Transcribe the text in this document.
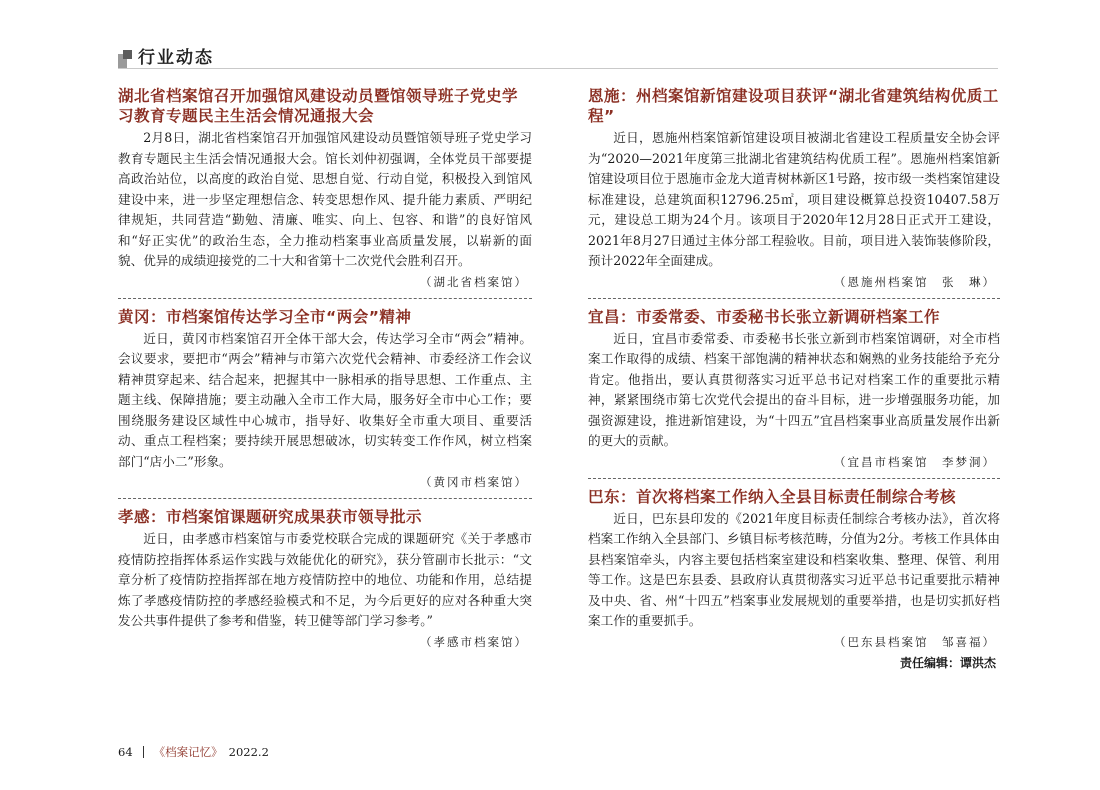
行业动态
湖北省档案馆召开加强馆风建设动员暨馆领导班子党史学习教育专题民主生活会情况通报大会

2月8日，湖北省档案馆召开加强馆风建设动员暨馆领导班子党史学习教育专题民主生活会情况通报大会。馆长刘仲初强调，全体党员干部要提高政治站位，以高度的政治自觉、思想自觉、行动自觉，积极投入到馆风建设中来，进一步坚定理想信念、转变思想作风、提升能力素质、严明纪律规矩，共同营造“勤勉、清廉、唯实、向上、包容、和谐”的良好馆风和“好正实优”的政治生态，全力推动档案事业高质量发展，以崭新的面貌、优异的成绩迎接党的二十大和省第十二次党代会胜利召开。

（湖北省档案馆）

黄冈：市档案馆传达学习全市“两会”精神

近日，黄冈市档案馆召开全体干部大会，传达学习全市“两会”精神。会议要求，要把市“两会”精神与市第六次党代会精神、市委经济工作会议精神贯穿起来、结合起来，把握其中一脉相承的指导思想、工作重点、主题主线、保障措施；要主动融入全市工作大局，服务好全市中心工作；要围绕服务建设区域性中心城市，指导好、收集好全市重大项目、重要活动、重点工程档案；要持续开展思想破冰，切实转变工作作风，树立档案部门“店小二”形象。

（黄冈市档案馆）

孝感：市档案馆课题研究成果获市领导批示

近日，由孝感市档案馆与市委党校联合完成的课题研究《关于孝感市疫情防控指挥体系运作实践与效能优化的研究》，获分管副市长批示：“文章分析了疫情防控指挥部在地方疫情防控中的地位、功能和作用，总结提炼了孝感疫情防控的孝感经验模式和不足，为今后更好的应对各种重大突发公共事件提供了参考和借鉴，转卫健等部门学习参考。”

（孝感市档案馆）

恩施：州档案馆新馆建设项目获评“湖北省建筑结构优质工程”

近日，恩施州档案馆新馆建设项目被湖北省建设工程质量安全协会评为“2020—2021年度第三批湖北省建筑结构优质工程”。恩施州档案馆新馆建设项目位于恩施市金龙大道青树林新区1号路，按市级一类档案馆建设标准建设，总建筑面积12796.25㎡，项目建设概算总投资10407.58万元，建设总工期为24个月。该项目于2020年12月28日正式开工建设，2021年8月27日通过主体分部工程验收。目前，项目进入装饰装修阶段，预计2022年全面建成。

（恩施州档案馆　张　琳）

宜昌：市委常委、市委秘书长张立新调研档案工作

近日，宜昌市委常委、市委秘书长张立新到市档案馆调研，对全市档案工作取得的成绩、档案干部饱满的精神状态和娴熟的业务技能给予充分肯定。他指出，要认真贯彻落实习近平总书记对档案工作的重要批示精神，紧紧围绕市第七次党代会提出的奋斗目标，进一步增强服务功能，加强资源建设，推进新馆建设，为“十四五”宜昌档案事业高质量发展作出新的更大的贡献。

（宜昌市档案馆　李梦洞）

巴东：首次将档案工作纳入全县目标责任制综合考核

近日，巴东县印发的《2021年度目标责任制综合考核办法》，首次将档案工作纳入全县部门、乡镇目标考核范畴，分值为2分。考核工作具体由县档案馆牵头，内容主要包括档案室建设和档案收集、整理、保管、利用等工作。这是巴东县委、县政府认真贯彻落实习近平总书记重要批示精神及中央、省、州“十四五”档案事业发展规划的重要举措，也是切实抓好档案工作的重要抓手。

（巴东县档案馆　邹喜福）

责任编辑：谭洪杰
64 《档案记忆》 2022.2
